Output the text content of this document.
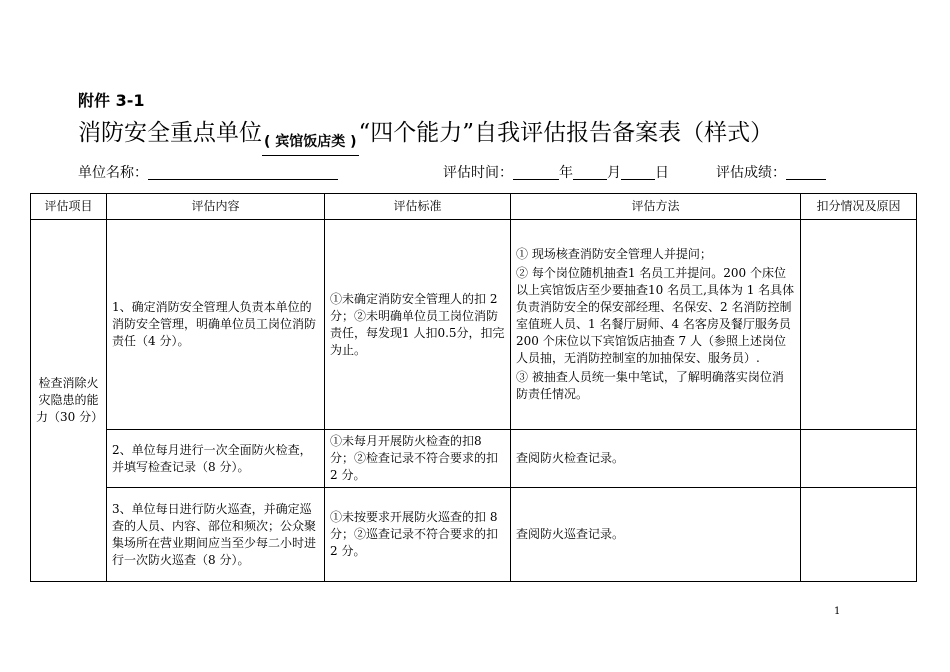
附件 3-1
消防安全重点单位 ( 宾馆饭店类 )“四个能力”自我评估报告备案表（样式）
单位名称：	评估时间：	年 月 日	评估成绩：
评估项目	评估内容	评估标准	评估方法	扣分情况及原因
检查消除火灾隐患的能力（30 分）	1、确定消防安全管理人负责本单位的消防安全管理，明确单位员工岗位消防责任（4 分）。	①未确定消防安全管理人的扣 2 分；②未明确单位员工岗位消防责任，每发现1 人扣0.5分，扣完为止。	① 现场核查消防安全管理人并提问；

② 每个岗位随机抽查1 名员工并提问。200 个床位以上宾馆饭店至少要抽查10 名员工,具体为 1 名具体负责消防安全的保安部经理、名保安、2 名消防控制室值班人员、1 名餐厅厨师、4 名客房及餐厅服务员 200 个床位以下宾馆饭店抽查 7 人（参照上述岗位人员抽，无消防控制室的加抽保安、服务员）.

③ 被抽查人员统一集中笔试，了解明确落实岗位消防责任情况。	

	2、单位每月进行一次全面防火检查，并填写检查记录（8 分）。	①未每月开展防火检查的扣8 分；②检查记录不符合要求的扣 2 分。	查阅防火检查记录。	

	3、单位每日进行防火巡查，并确定巡查的人员、内容、部位和频次；公众聚集场所在营业期间应当至少每二小时进行一次防火巡查（8 分）。	①未按要求开展防火巡查的扣 8 分；②巡查记录不符合要求的扣2 分。	查阅防火巡查记录。	

1
